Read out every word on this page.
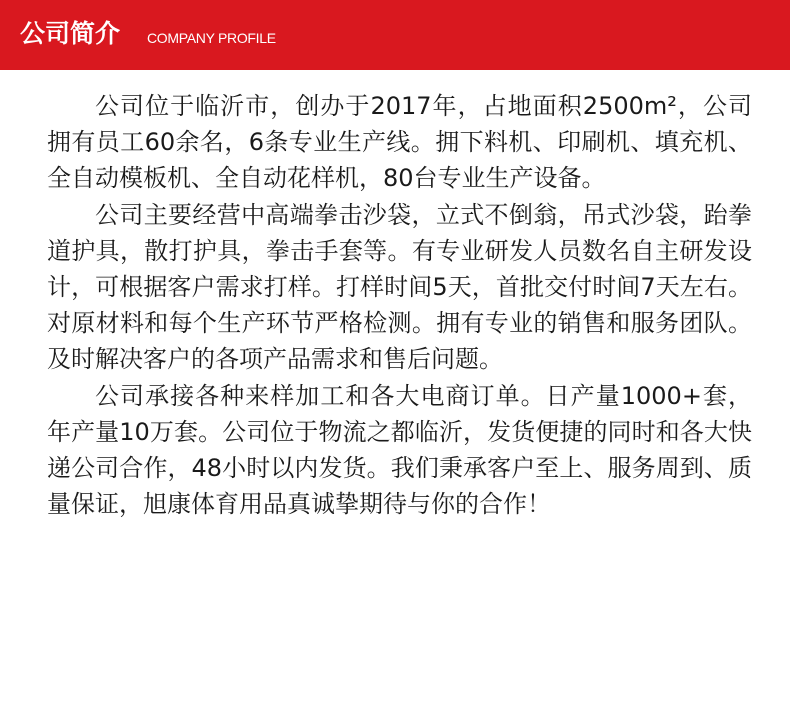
公司简介 COMPANY PROFILE

公司位于临沂市，创办于2017年，占地面积2500m²，公司拥有员工60余名，6条专业生产线。拥下料机、印刷机、填充机、全自动模板机、全自动花样机，80台专业生产设备。

公司主要经营中高端拳击沙袋，立式不倒翁，吊式沙袋，跆拳道护具，散打护具，拳击手套等。有专业研发人员数名自主研发设计，可根据客户需求打样。打样时间5天，首批交付时间7天左右。对原材料和每个生产环节严格检测。拥有专业的销售和服务团队。及时解决客户的各项产品需求和售后问题。

公司承接各种来样加工和各大电商订单。日产量1000+套，年产量10万套。公司位于物流之都临沂，发货便捷的同时和各大快递公司合作，48小时以内发货。我们秉承客户至上、服务周到、质量保证，旭康体育用品真诚挚期待与你的合作！
